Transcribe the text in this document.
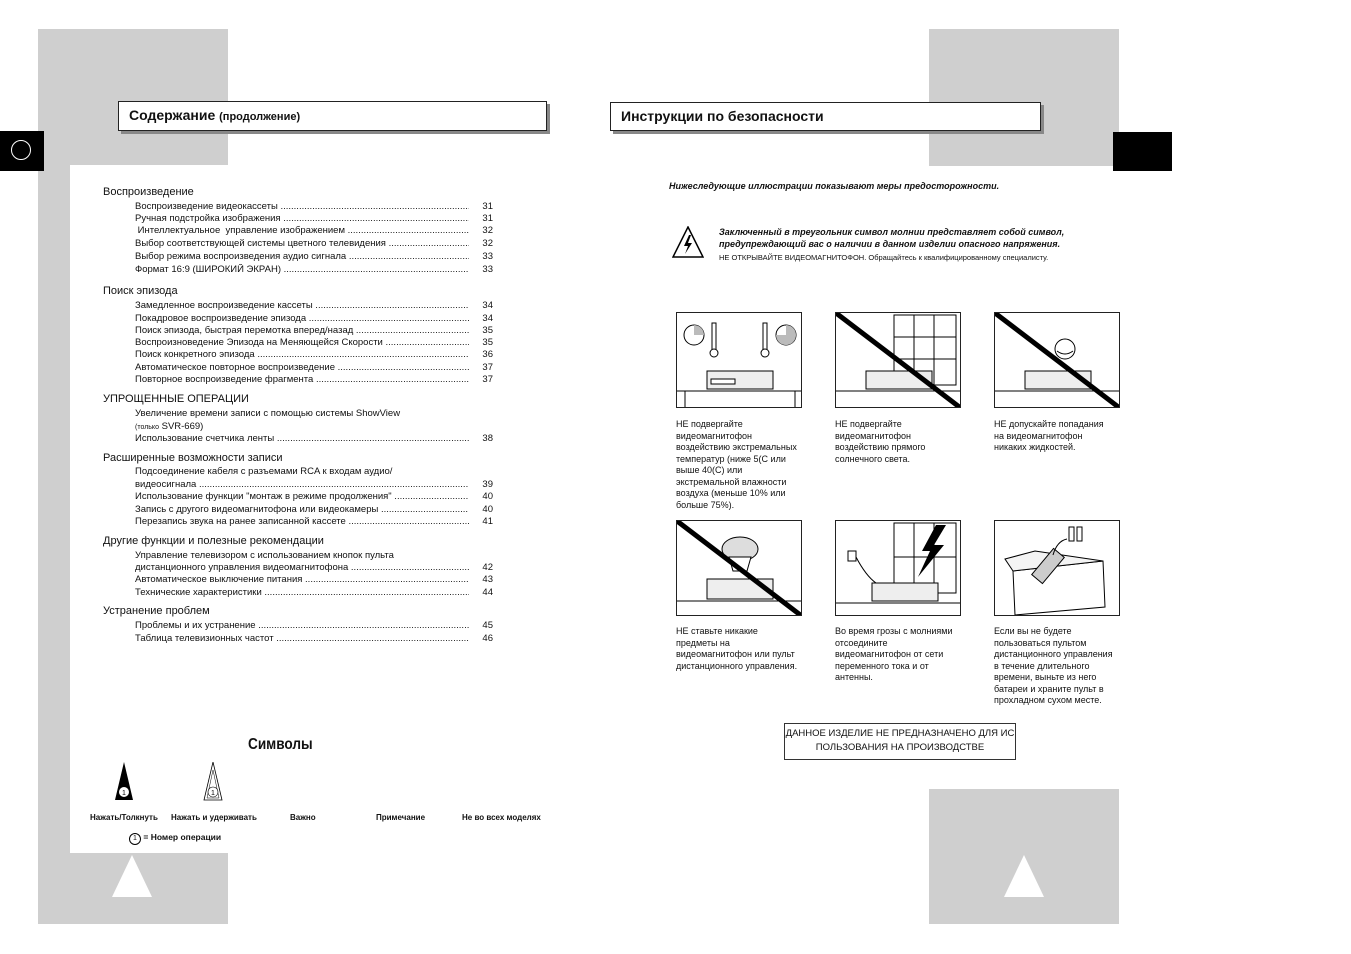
Содержание (продолжение)
Воспроизведение
Воспроизведение видеокассеты .....	31
Ручная подстройка изображения .....	31
Интеллектуальное  управление изображением .....	32
Выбор соответствующей системы цветного телевидения .....	32
Выбор режима воспроизведения аудио сигнала .....	33
Формат 16:9 (ШИРОКИЙ ЭКРАН) .....	33
Поиск эпизода
Замедленное воспроизведение кассеты .....	34
Покадровое воспроизведение эпизода .....	34
Поиск эпизода, быстрая перемотка вперед/назад .....	35
Воспроизноведение Эпизода на Меняющейся Скорости .....	35
Поиск конкретного эпизода .....	36
Автоматическое повторное воспроизведение .....	37
Повторное воспроизведение фрагмента .....	37
УПРОЩЕННЫЕ ОПЕРАЦИИ
Увеличение времени записи с помощью системы ShowView
(только SVR-669)
Использование счетчика ленты .....	38
Расширенные возможности записи
Подсоединение кабеля с разъемами RCA к входам аудио/
видеосигнала .....	39
Использование функции "монтаж в режиме продолжения" .....	40
Запись с другого видеомагнитофона или видеокамеры .....	40
Перезапись звука на ранее записанной кассете .....	41
Другие функции и полезные рекомендации
Управление телевизором с использованием кнопок пульта
дистанционного управления видеомагнитофона .....	42
Автоматическое выключение питания .....	43
Технические характеристики .....	44
Устранение проблем
Проблемы и их устранение .....	45
Таблица телевизионных частот .....	46
Символы
1	1
Нажать/Толкнуть Нажать и удерживать	Важно	Примечание	Не во всех моделях
1 = Номер операции
Инструкции по безопасности
Нижеследующие иллюстрации показывают меры предосторожности.
Заключенный в треугольник символ молнии представляет собой символ,
предупреждающий вас о наличии в данном изделии опасного напряжения.
НЕ ОТКРЫВАЙТЕ ВИДЕОМАГНИТОФОН. Обращайтесь к квалифицированному специалисту.
НЕ подвергайте
видеомагнитофон
воздействию экстремальных
температур (ниже 5(С или
выше 40(С) или
экстремальной влажности
воздуха (меньше 10% или
больше 75%).
НЕ подвергайте
видеомагнитофон
воздействию прямого
солнечного света.
НЕ допускайте попадания
на видеомагнитофон
никаких жидкостей.
НЕ ставьте никакие
предметы на
видеомагнитофон или пульт
дистанционного управления.
Во время грозы с молниями
отсоедините
видеомагнитофон от сети
переменного тока и от
антенны.
Если вы не будете
пользоваться пультом
дистанционного управления
в течение длительного
времени, выньте из него
батареи и храните пульт в
прохладном сухом месте.
ДАННОЕ ИЗДЕЛИЕ НЕ ПРЕДНАЗНАЧЕНО ДЛЯ ИС
ПОЛЬЗОВАНИЯ НА ПРОИЗВОДСТВЕ
